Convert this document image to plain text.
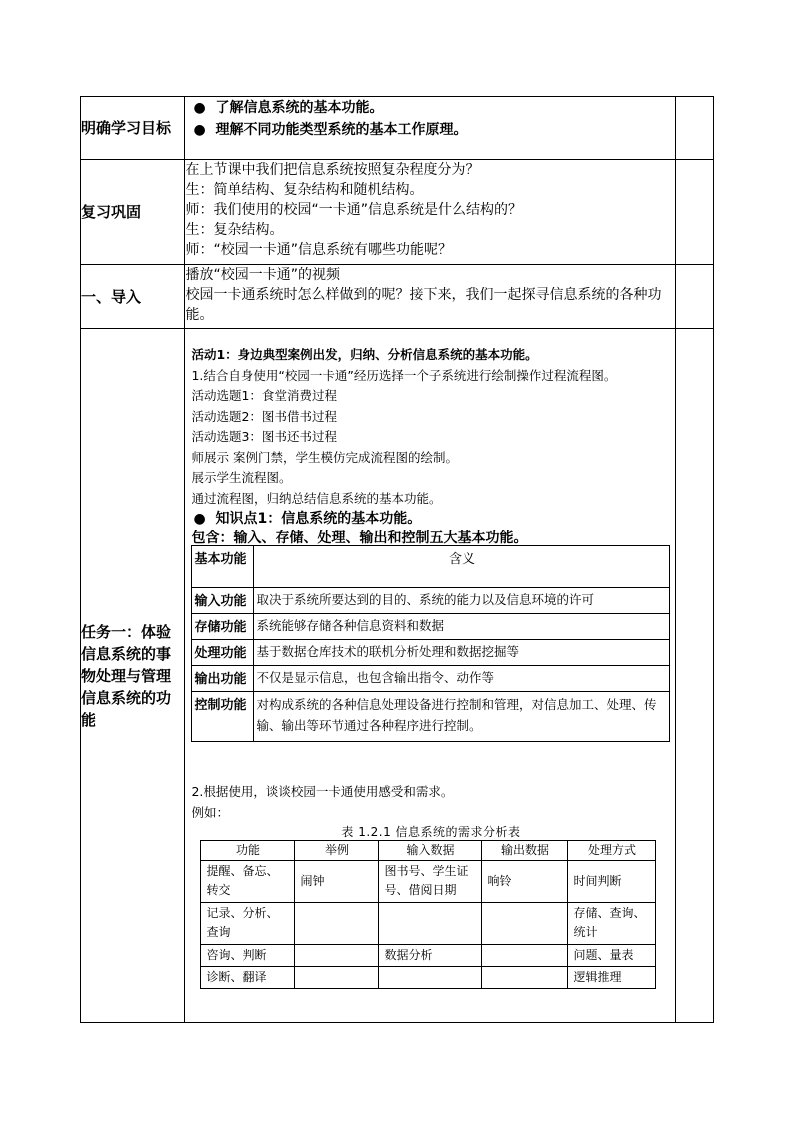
明确学习目标	
● 了解信息系统的基本功能。
● 理解不同功能类型系统的基本工作原理。

复习巩固	
在上节课中我们把信息系统按照复杂程度分为？
生：简单结构、复杂结构和随机结构。
师：我们使用的校园“一卡通”信息系统是什么结构的？
生：复杂结构。
师：“校园一卡通”信息系统有哪些功能呢？

一、导入	
播放“校园一卡通”的视频
校园一卡通系统时怎么样做到的呢？接下来，我们一起探寻信息系统的各种功能。

任务一：体验信息系统的事物处理与管理信息系统的功能	
活动1：身边典型案例出发，归纳、分析信息系统的基本功能。
1.结合自身使用“校园一卡通”经历选择一个子系统进行绘制操作过程流程图。
活动选题1：食堂消费过程
活动选题2：图书借书过程
活动选题3：图书还书过程
师展示 案例门禁，学生模仿完成流程图的绘制。
展示学生流程图。
通过流程图，归纳总结信息系统的基本功能。
● 知识点1：信息系统的基本功能。
包含：输入、存储、处理、输出和控制五大基本功能。
基本功能	含义
输入功能	取决于系统所要达到的目的、系统的能力以及信息环境的许可
存储功能	系统能够存储各种信息资料和数据
处理功能	基于数据仓库技术的联机分析处理和数据挖掘等
输出功能	不仅是显示信息，也包含输出指令、动作等
控制功能	对构成系统的各种信息处理设备进行控制和管理，对信息加工、处理、传输、输出等环节通过各种程序进行控制。
2.根据使用，谈谈校园一卡通使用感受和需求。
例如：
表 1.2.1 信息系统的需求分析表
功能	举例	输入数据	输出数据	处理方式
提醒、备忘、转交	闹钟	图书号、学生证号、借阅日期	响铃	时间判断
记录、分析、查询				存储、查询、统计
咨询、判断		数据分析		问题、量表
诊断、翻译				逻辑推理
